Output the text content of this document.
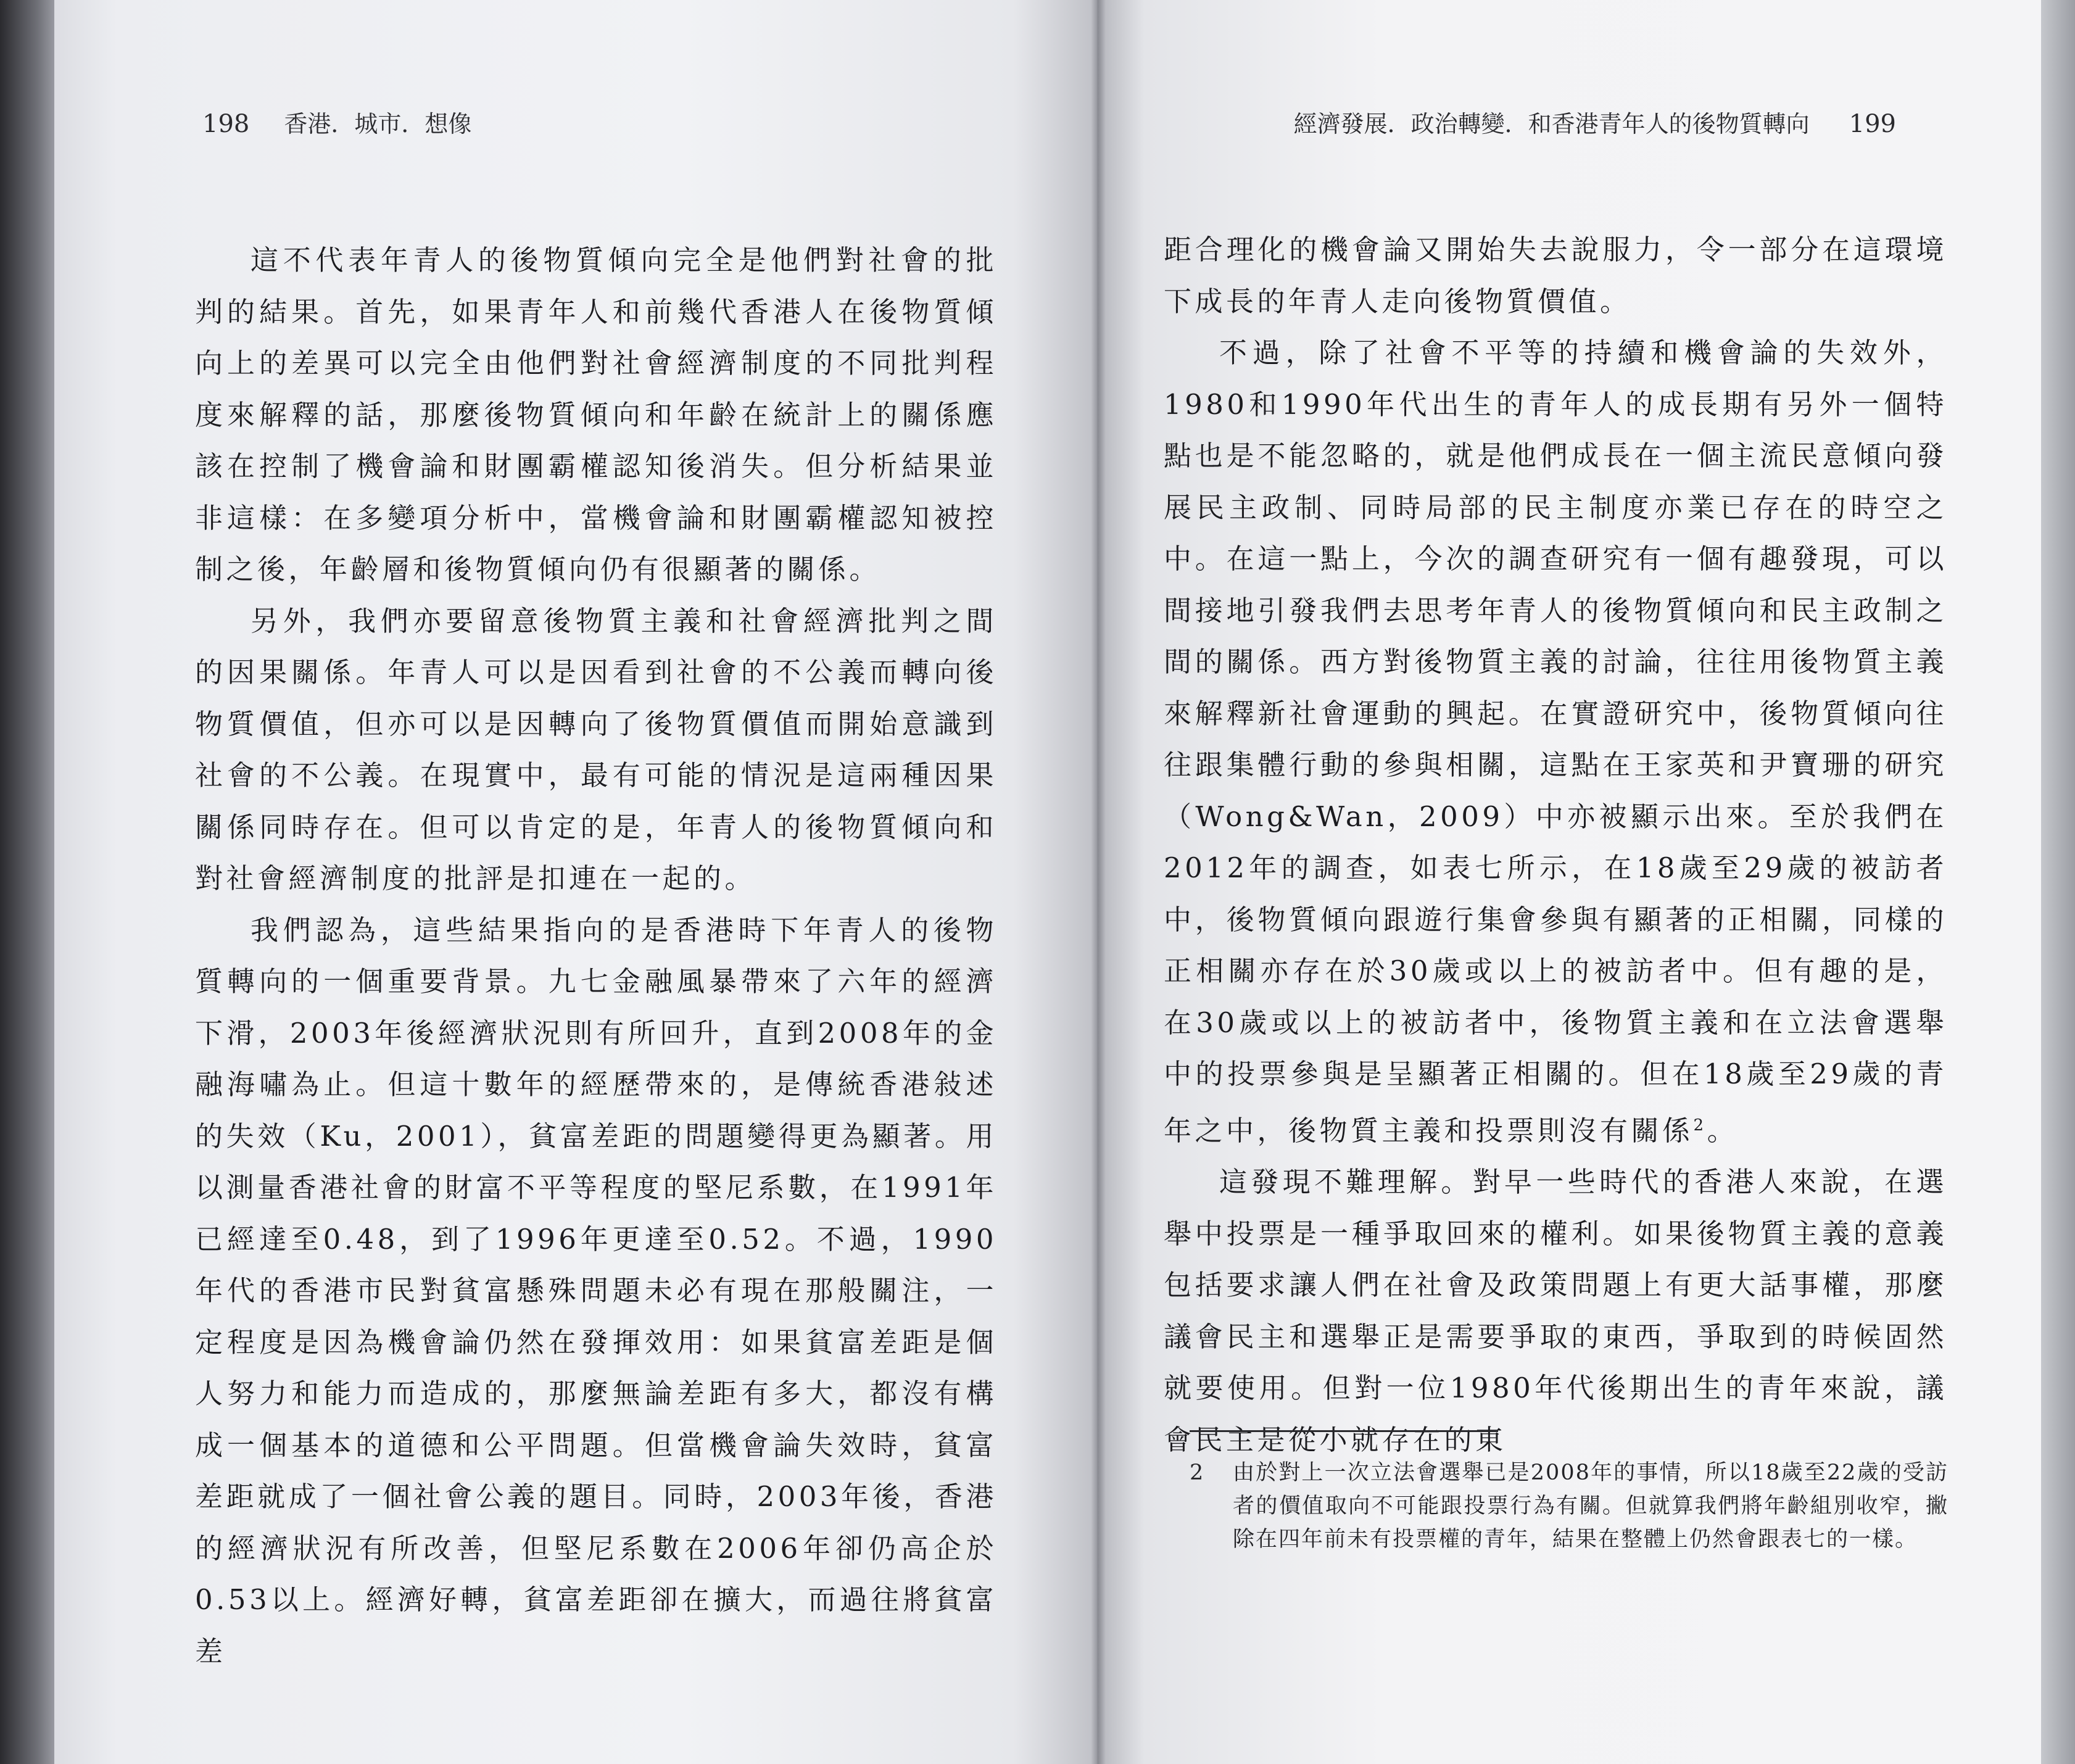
198 香港．城市．想像

這不代表年青人的後物質傾向完全是他們對社會的批判的結果。首先，如果青年人和前幾代香港人在後物質傾向上的差異可以完全由他們對社會經濟制度的不同批判程度來解釋的話，那麼後物質傾向和年齡在統計上的關係應該在控制了機會論和財團霸權認知後消失。但分析結果並非這樣：在多變項分析中，當機會論和財團霸權認知被控制之後，年齡層和後物質傾向仍有很顯著的關係。

另外，我們亦要留意後物質主義和社會經濟批判之間的因果關係。年青人可以是因看到社會的不公義而轉向後物質價值，但亦可以是因轉向了後物質價值而開始意識到社會的不公義。在現實中，最有可能的情況是這兩種因果關係同時存在。但可以肯定的是，年青人的後物質傾向和對社會經濟制度的批評是扣連在一起的。

我們認為，這些結果指向的是香港時下年青人的後物質轉向的一個重要背景。九七金融風暴帶來了六年的經濟下滑，2003年後經濟狀況則有所回升，直到2008年的金融海嘯為止。但這十數年的經歷帶來的，是傳統香港敍述的失效（Ku，2001），貧富差距的問題變得更為顯著。用以測量香港社會的財富不平等程度的堅尼系數，在1991年已經達至0.48，到了1996年更達至0.52。不過，1990年代的香港市民對貧富懸殊問題未必有現在那般關注，一定程度是因為機會論仍然在發揮效用：如果貧富差距是個人努力和能力而造成的，那麼無論差距有多大，都沒有構成一個基本的道德和公平問題。但當機會論失效時，貧富差距就成了一個社會公義的題目。同時，2003年後，香港的經濟狀況有所改善，但堅尼系數在2006年卻仍高企於0.53以上。經濟好轉，貧富差距卻在擴大，而過往將貧富差

經濟發展．政治轉變．和香港青年人的後物質轉向 199

距合理化的機會論又開始失去說服力，令一部分在這環境下成長的年青人走向後物質價值。

不過，除了社會不平等的持續和機會論的失效外，1980和1990年代出生的青年人的成長期有另外一個特點也是不能忽略的，就是他們成長在一個主流民意傾向發展民主政制、同時局部的民主制度亦業已存在的時空之中。在這一點上，今次的調查研究有一個有趣發現，可以間接地引發我們去思考年青人的後物質傾向和民主政制之間的關係。西方對後物質主義的討論，往往用後物質主義來解釋新社會運動的興起。在實證研究中，後物質傾向往往跟集體行動的參與相關，這點在王家英和尹寶珊的研究（Wong&Wan，2009）中亦被顯示出來。至於我們在2012年的調查，如表七所示，在18歲至29歲的被訪者中，後物質傾向跟遊行集會參與有顯著的正相關，同樣的正相關亦存在於30歲或以上的被訪者中。但有趣的是，在30歲或以上的被訪者中，後物質主義和在立法會選舉中的投票參與是呈顯著正相關的。但在18歲至29歲的青年之中，後物質主義和投票則沒有關係$^2$。

這發現不難理解。對早一些時代的香港人來說，在選舉中投票是一種爭取回來的權利。如果後物質主義的意義包括要求讓人們在社會及政策問題上有更大話事權，那麼議會民主和選舉正是需要爭取的東西，爭取到的時候固然就要使用。但對一位1980年代後期出生的青年來說，議會民主是從小就存在的東

2	由於對上一次立法會選舉已是2008年的事情，所以18歲至22歲的受訪者的價值取向不可能跟投票行為有關。但就算我們將年齡組別收窄，撇除在四年前未有投票權的青年，結果在整體上仍然會跟表七的一樣。
